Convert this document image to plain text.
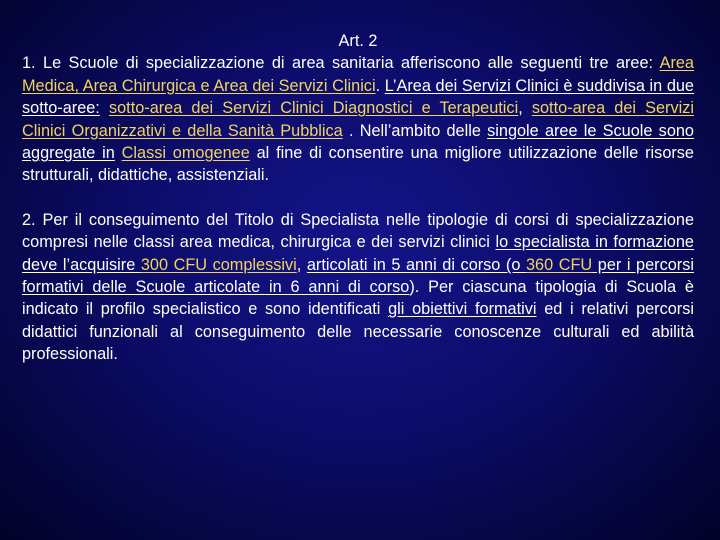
Art. 2

1. Le Scuole di specializzazione di area sanitaria afferiscono alle seguenti tre aree: Area Medica, Area Chirurgica e Area dei Servizi Clinici. L’Area dei Servizi Clinici è suddivisa in due sotto-aree: sotto-area dei Servizi Clinici Diagnostici e Terapeutici, sotto-area dei Servizi Clinici Organizzativi e della Sanità Pubblica . Nell’ambito delle singole aree le Scuole sono aggregate in Classi omogenee al fine di consentire una migliore utilizzazione delle risorse strutturali, didattiche, assistenziali.

2. Per il conseguimento del Titolo di Specialista nelle tipologie di corsi di specializzazione compresi nelle classi area medica, chirurgica e dei servizi clinici lo specialista in formazione deve l’acquisire 300 CFU complessivi, articolati in 5 anni di corso (o 360 CFU per i percorsi formativi delle Scuole articolate in 6 anni di corso). Per ciascuna tipologia di Scuola è indicato il profilo specialistico e sono identificati gli obiettivi formativi ed i relativi percorsi didattici funzionali al conseguimento delle necessarie conoscenze culturali ed abilità professionali.
